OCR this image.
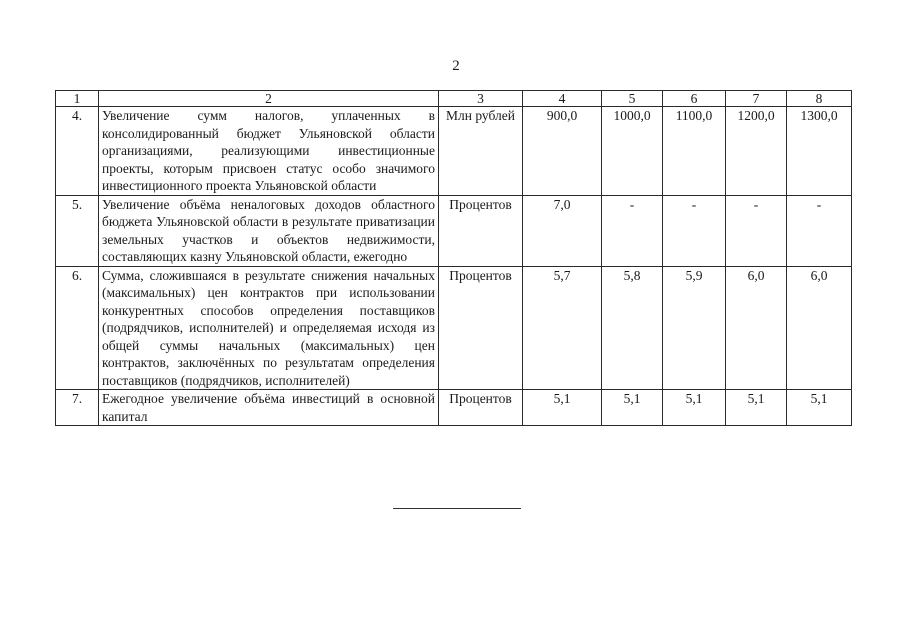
2
1	2	3	4	5	6	7	8
4.	Увеличение сумм налогов, уплаченных в консолидированный бюджет Ульяновской области организациями, реализующими инвестиционные проекты, которым присвоен статус особо значимого инвестиционного проекта Ульяновской области	Млн рублей	900,0	1000,0	1100,0	1200,0	1300,0
5.	Увеличение объёма неналоговых доходов областного бюджета Ульяновской области в результате приватизации земельных участков и объектов недвижимости, составляющих казну Ульяновской области, ежегодно	Процентов	7,0	-	-	-	-
6.	Сумма, сложившаяся в результате снижения начальных (максимальных) цен контрактов при использовании конкурентных способов определения поставщиков (подрядчиков, исполнителей) и определяемая исходя из общей суммы начальных (максимальных) цен контрактов, заключённых по результатам определения поставщиков (подрядчиков, исполнителей)	Процентов	5,7	5,8	5,9	6,0	6,0
7.	Ежегодное увеличение объёма инвестиций в основной капитал	Процентов	5,1	5,1	5,1	5,1	5,1
